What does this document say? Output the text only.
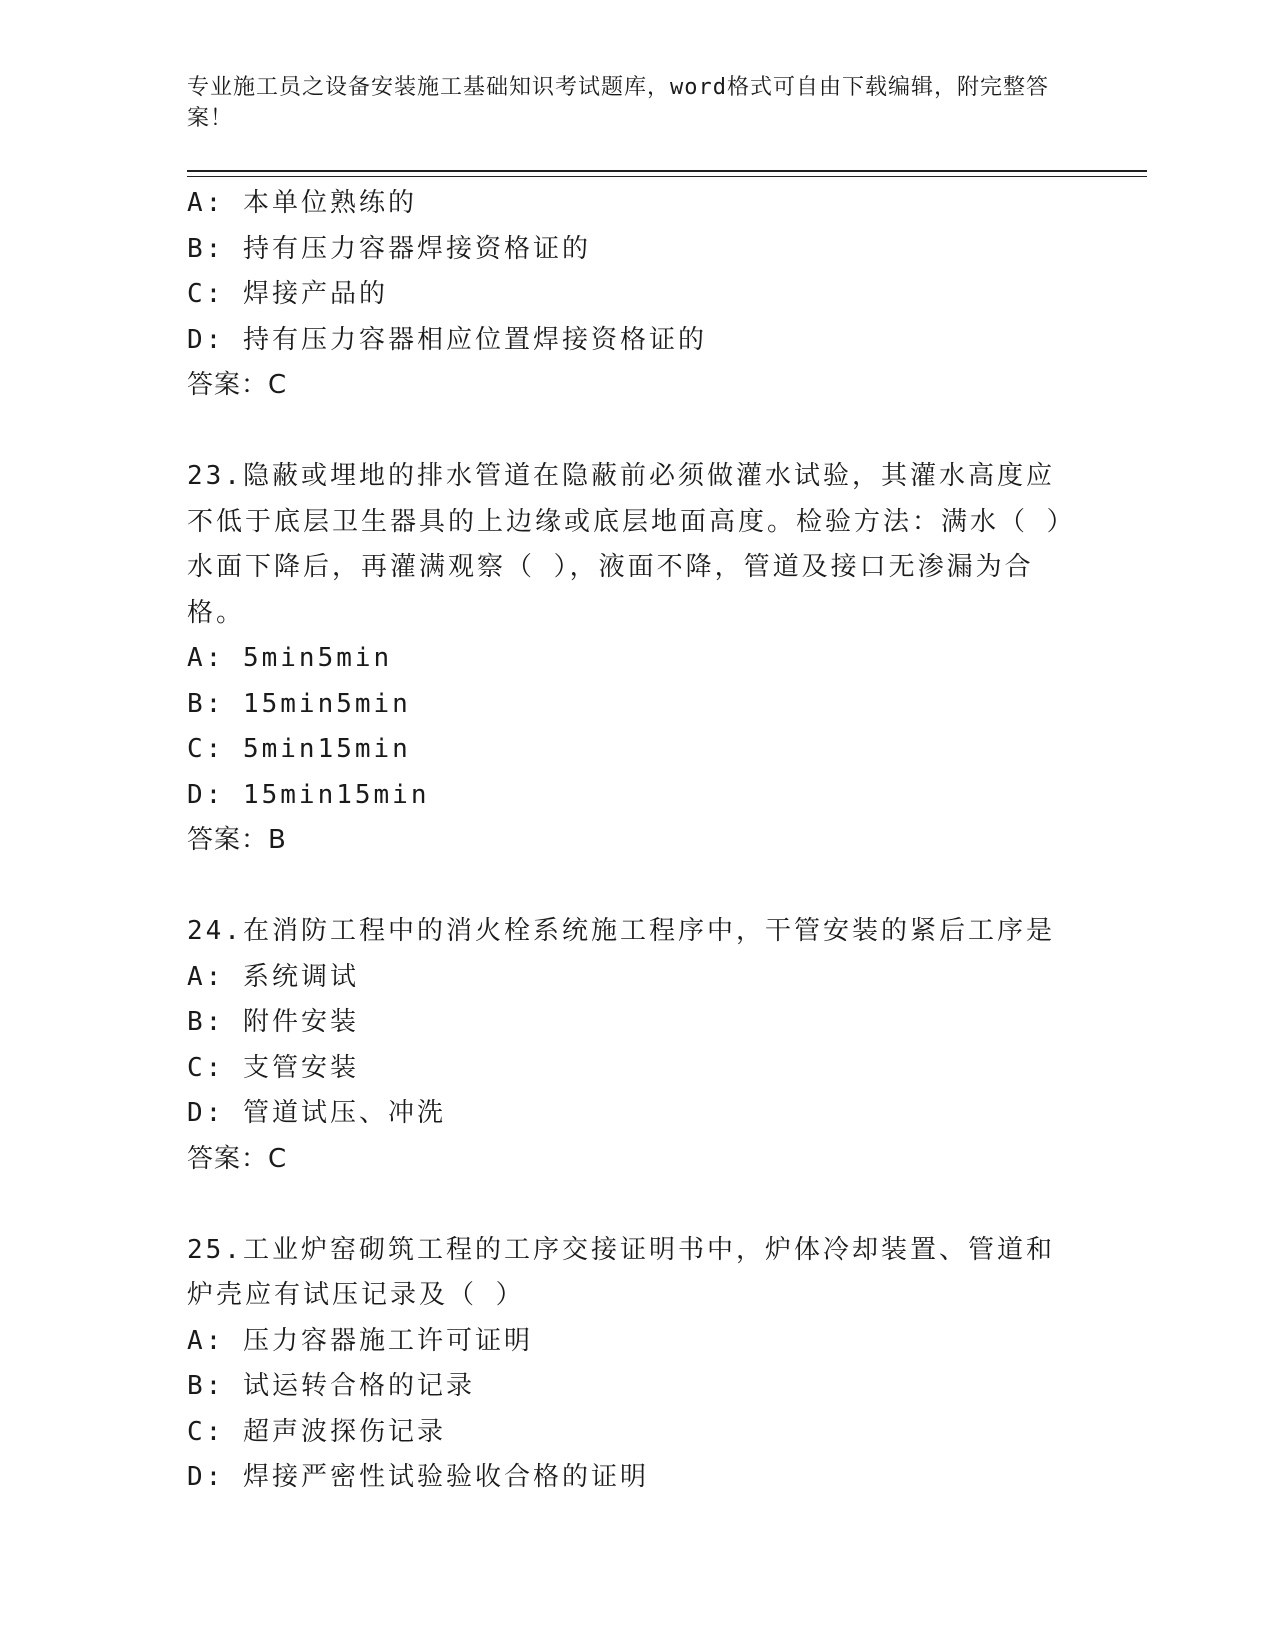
专业施工员之设备安装施工基础知识考试题库，word格式可自由下载编辑，附完整答案！
A: 本单位熟练的
B: 持有压力容器焊接资格证的
C: 焊接产品的
D: 持有压力容器相应位置焊接资格证的
答案：C
23.隐蔽或埋地的排水管道在隐蔽前必须做灌水试验，其灌水高度应不低于底层卫生器具的上边缘或底层地面高度。检验方法：满水（ ）水面下降后，再灌满观察（ ），液面不降，管道及接口无渗漏为合格。
A: 5min5min
B: 15min5min
C: 5min15min
D: 15min15min
答案：B
24.在消防工程中的消火栓系统施工程序中，干管安装的紧后工序是
A: 系统调试
B: 附件安装
C: 支管安装
D: 管道试压、冲洗
答案：C
25.工业炉窑砌筑工程的工序交接证明书中，炉体冷却装置、管道和炉壳应有试压记录及（ ）
A: 压力容器施工许可证明
B: 试运转合格的记录
C: 超声波探伤记录
D: 焊接严密性试验验收合格的证明
